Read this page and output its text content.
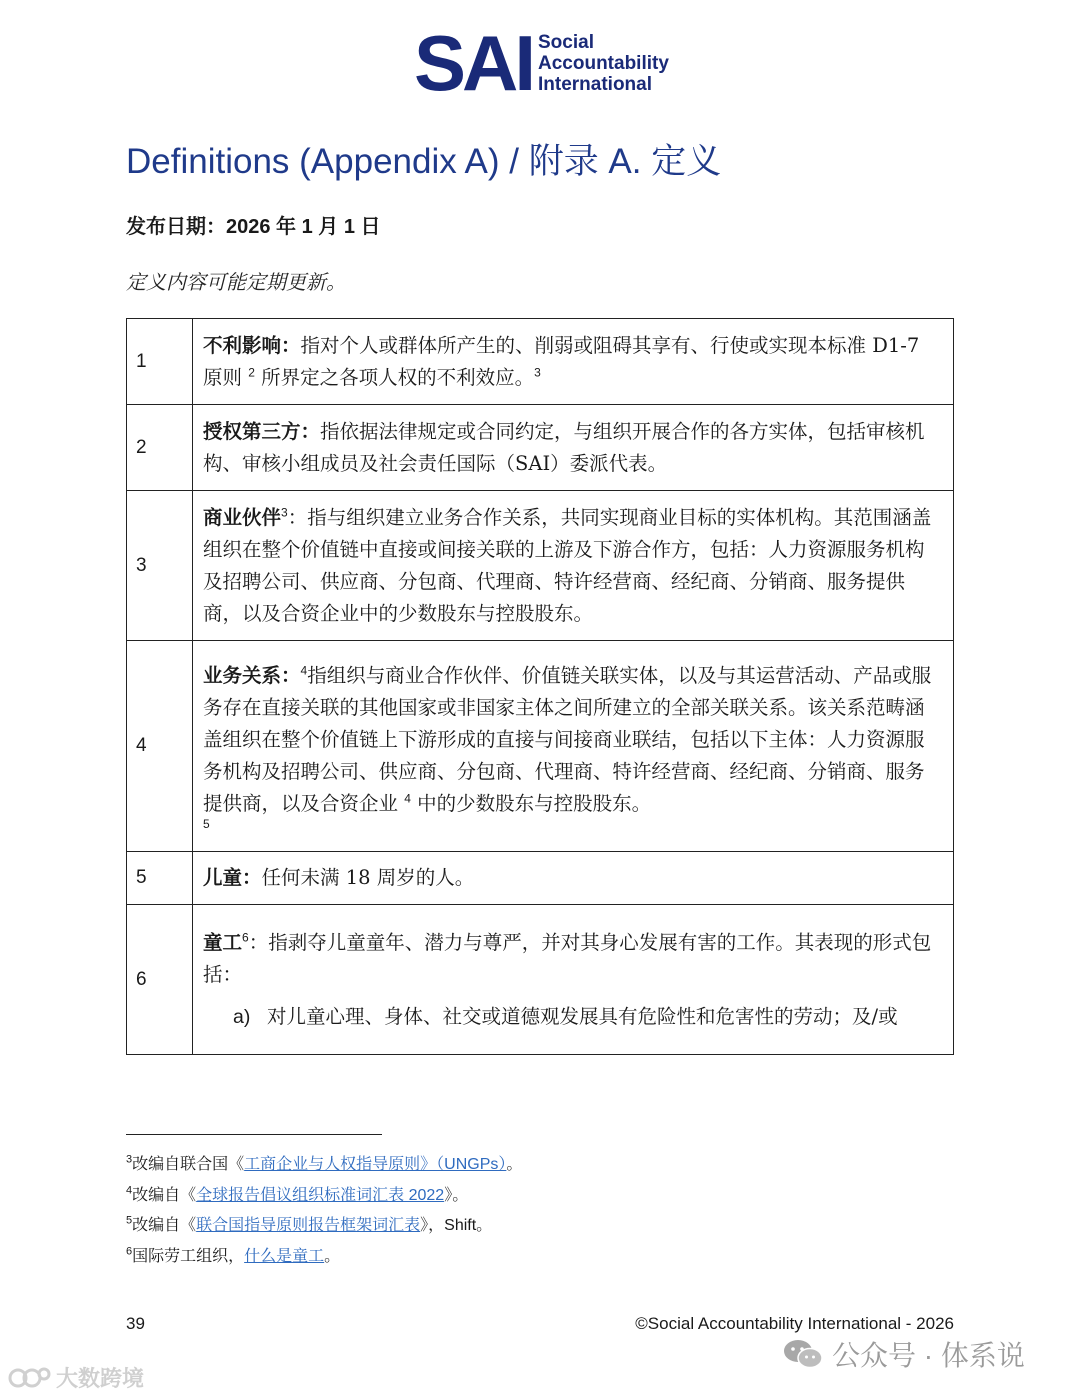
SAI Social
Accountability
International
Definitions (Appendix A) / 附录 A. 定义
发布日期：2026 年 1 月 1 日
定义内容可能定期更新。
1	不利影响：指对个人或群体所产生的、削弱或阻碍其享有、行使或实现本标准 D1-7 原则 $^2$ 所界定之各项人权的不利效应。$^3$
2	授权第三方：指依据法律规定或合同约定，与组织开展合作的各方实体，包括审核机构、审核小组成员及社会责任国际（SAI）委派代表。
3	商业伙伴$^3$：指与组织建立业务合作关系，共同实现商业目标的实体机构。其范围涵盖组织在整个价值链中直接或间接关联的上游及下游合作方，包括：人力资源服务机构及招聘公司、供应商、分包商、代理商、特许经营商、经纪商、分销商、服务提供商，以及合资企业中的少数股东与控股股东。
4	业务关系：$^4$指组织与商业合作伙伴、价值链关联实体，以及与其运营活动、产品或服务存在直接关联的其他国家或非国家主体之间所建立的全部关联关系。该关系范畴涵盖组织在整个价值链上下游形成的直接与间接商业联结，包括以下主体：人力资源服务机构及招聘公司、供应商、分包商、代理商、特许经营商、经纪商、分销商、服务提供商，以及合资企业 $^4$ 中的少数股东与控股股东。
5

5	儿童：任何未满 18 周岁的人。
6	童工$^6$：指剥夺儿童童年、潜力与尊严，并对其身心发展有害的工作。其表现的形式包括：
a) 对儿童心理、身体、社交或道德观发展具有危险性和危害性的劳动；及/或
$^3$改编自联合国《工商企业与人权指导原则》（UNGPs）。
$^4$改编自《全球报告倡议组织标准词汇表 2022》。
$^5$改编自《联合国指导原则报告框架词汇表》，Shift。
$^6$国际劳工组织，什么是童工。
39	©Social Accountability International - 2026
公众号 · 体系说
大数跨境
